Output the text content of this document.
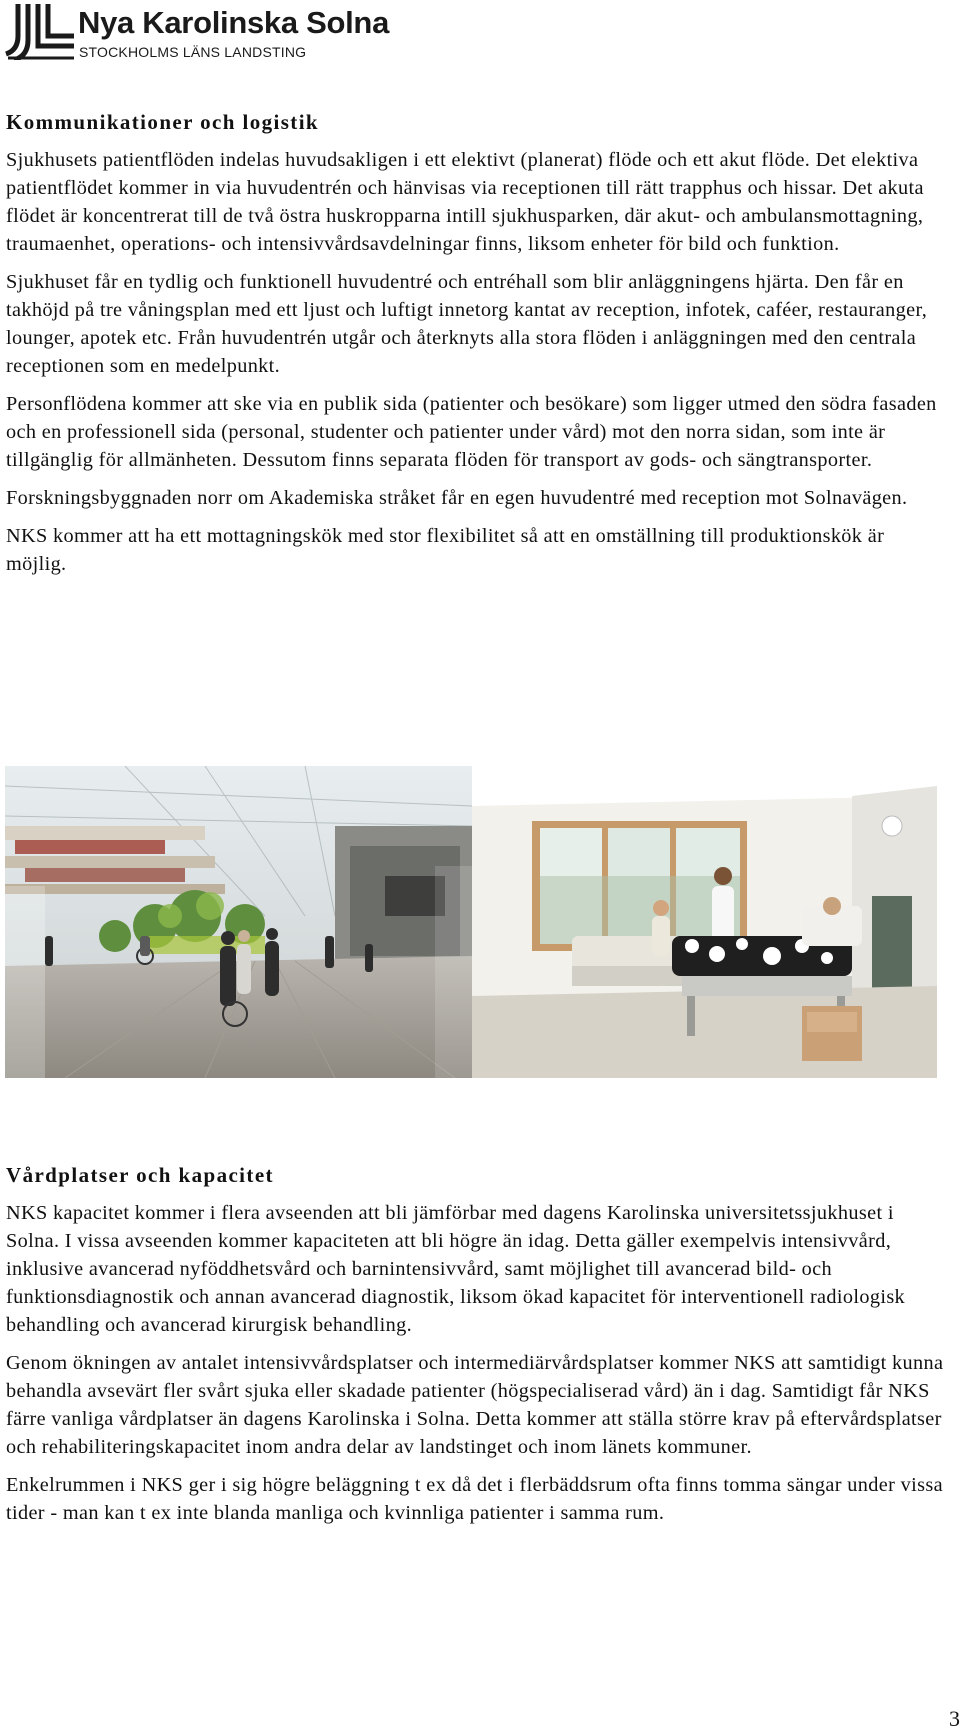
Nya Karolinska Solna
STOCKHOLMS LÄNS LANDSTING
Kommunikationer och logistik

Sjukhusets patientflöden indelas huvudsakligen i ett elektivt (planerat) flöde och ett akut flöde. Det elektiva patientflödet kommer in via huvudentrén och hänvisas via receptionen till rätt trapphus och hissar. Det akuta flödet är koncentrerat till de två östra huskropparna intill sjukhusparken, där akut- och ambulansmottagning, traumaenhet, operations- och intensivvårdsavdelningar finns, liksom enheter för bild och funktion.

Sjukhuset får en tydlig och funktionell huvudentré och entréhall som blir anläggningens hjärta. Den får en takhöjd på tre våningsplan med ett ljust och luftigt innetorg kantat av reception, infotek, caféer, restauranger, lounger, apotek etc. Från huvudentrén utgår och återknyts alla stora flöden i anläggningen med den centrala receptionen som en medelpunkt.

Personflödena kommer att ske via en publik sida (patienter och besökare) som ligger utmed den södra fasaden och en professionell sida (personal, studenter och patienter under vård) mot den norra sidan, som inte är tillgänglig för allmänheten. Dessutom finns separata flöden för transport av gods- och sängtransporter.

Forskningsbyggnaden norr om Akademiska stråket får en egen huvudentré med reception mot Solnavägen.

NKS kommer att ha ett mottagningskök med stor flexibilitet så att en omställning till produktionskök är möjlig.

Vårdplatser och kapacitet

NKS kapacitet kommer i flera avseenden att bli jämförbar med dagens Karolinska universitetssjukhuset i Solna. I vissa avseenden kommer kapaciteten att bli högre än idag. Detta gäller exempelvis intensivvård, inklusive avancerad nyföddhetsvård och barnintensivvård, samt möjlighet till avancerad bild- och funktionsdiagnostik och annan avancerad diagnostik, liksom ökad kapacitet för interventionell radiologisk behandling och avancerad kirurgisk behandling.

Genom ökningen av antalet intensivvårdsplatser och intermediärvårdsplatser kommer NKS att samtidigt kunna behandla avsevärt fler svårt sjuka eller skadade patienter (högspecialiserad vård) än i dag. Samtidigt får NKS färre vanliga vårdplatser än dagens Karolinska i Solna. Detta kommer att ställa större krav på eftervårdsplatser och rehabiliteringskapacitet inom andra delar av landstinget och inom länets kommuner.

Enkelrummen i NKS ger i sig högre beläggning t ex då det i flerbäddsrum ofta finns tomma sängar under vissa tider - man kan t ex inte blanda manliga och kvinnliga patienter i samma rum.

3
